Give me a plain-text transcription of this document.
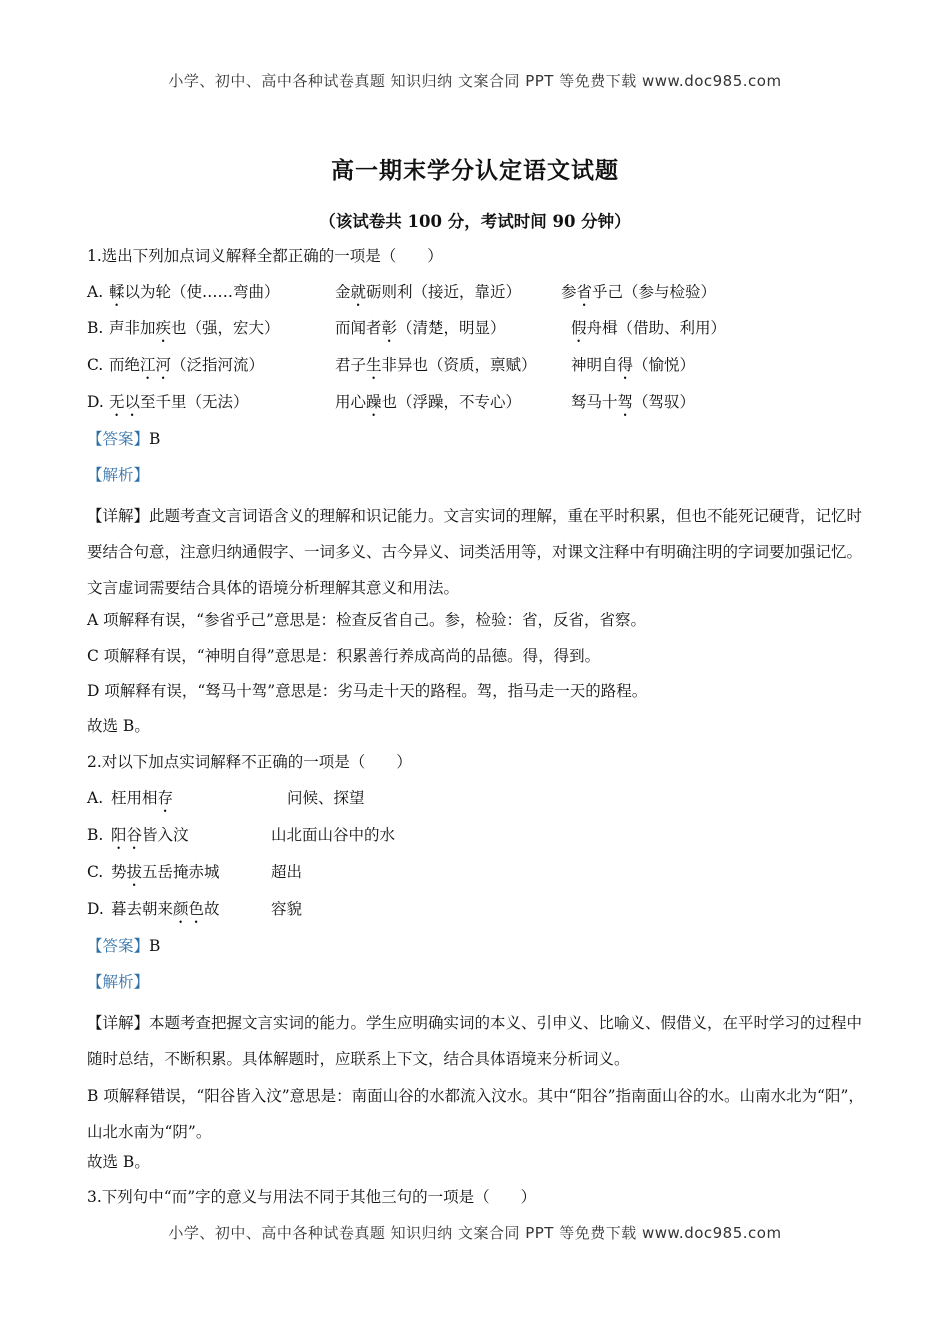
小学、初中、高中各种试卷真题 知识归纳 文案合同 PPT 等免费下载 www.doc985.com
高一期末学分认定语文试题
（该试卷共 100 分，考试时间 90 分钟）
1.选出下列加点词义解释全都正确的一项是（　　）
A. 輮以为轮（使……弯曲）	金就砺则利（接近，靠近）	参省乎己（参与检验）
B. 声非加疾也（强，宏大）	而闻者彰（清楚，明显）	假舟楫（借助、利用）
C. 而绝江河（泛指河流）	君子生非异也（资质，禀赋） 神明自得（愉悦）
D. 无以至千里（无法）	用心躁也（浮躁，不专心）	驽马十驾（驾驭）
【答案】B
【解析】
【详解】此题考查文言词语含义的理解和识记能力。文言实词的理解，重在平时积累，但也不能死记硬背，记忆时要结合句意，注意归纳通假字、一词多义、古今异义、词类活用等，对课文注释中有明确注明的字词要加强记忆。文言虚词需要结合具体的语境分析理解其意义和用法。
A 项解释有误，“参省乎己”意思是：检查反省自己。参，检验：省，反省，省察。
C 项解释有误，“神明自得”意思是：积累善行养成高尚的品德。得，得到。
D 项解释有误，“驽马十驾”意思是：劣马走十天的路程。驾，指马走一天的路程。
故选 B。
2.对以下加点实词解释不正确的一项是（　　）
A. 枉用相存	问候、探望
B. 阳谷皆入汶	山北面山谷中的水
C. 势拔五岳掩赤城	超出
D. 暮去朝来颜色故	容貌
【答案】B
【解析】
【详解】本题考查把握文言实词的能力。学生应明确实词的本义、引申义、比喻义、假借义，在平时学习的过程中随时总结，不断积累。具体解题时，应联系上下文，结合具体语境来分析词义。
B 项解释错误，“阳谷皆入汶”意思是：南面山谷的水都流入汶水。其中“阳谷”指南面山谷的水。山南水北为“阳”，山北水南为“阴”。
故选 B。
3.下列句中“而”字的意义与用法不同于其他三句的一项是（　　）
小学、初中、高中各种试卷真题 知识归纳 文案合同 PPT 等免费下载 www.doc985.com
